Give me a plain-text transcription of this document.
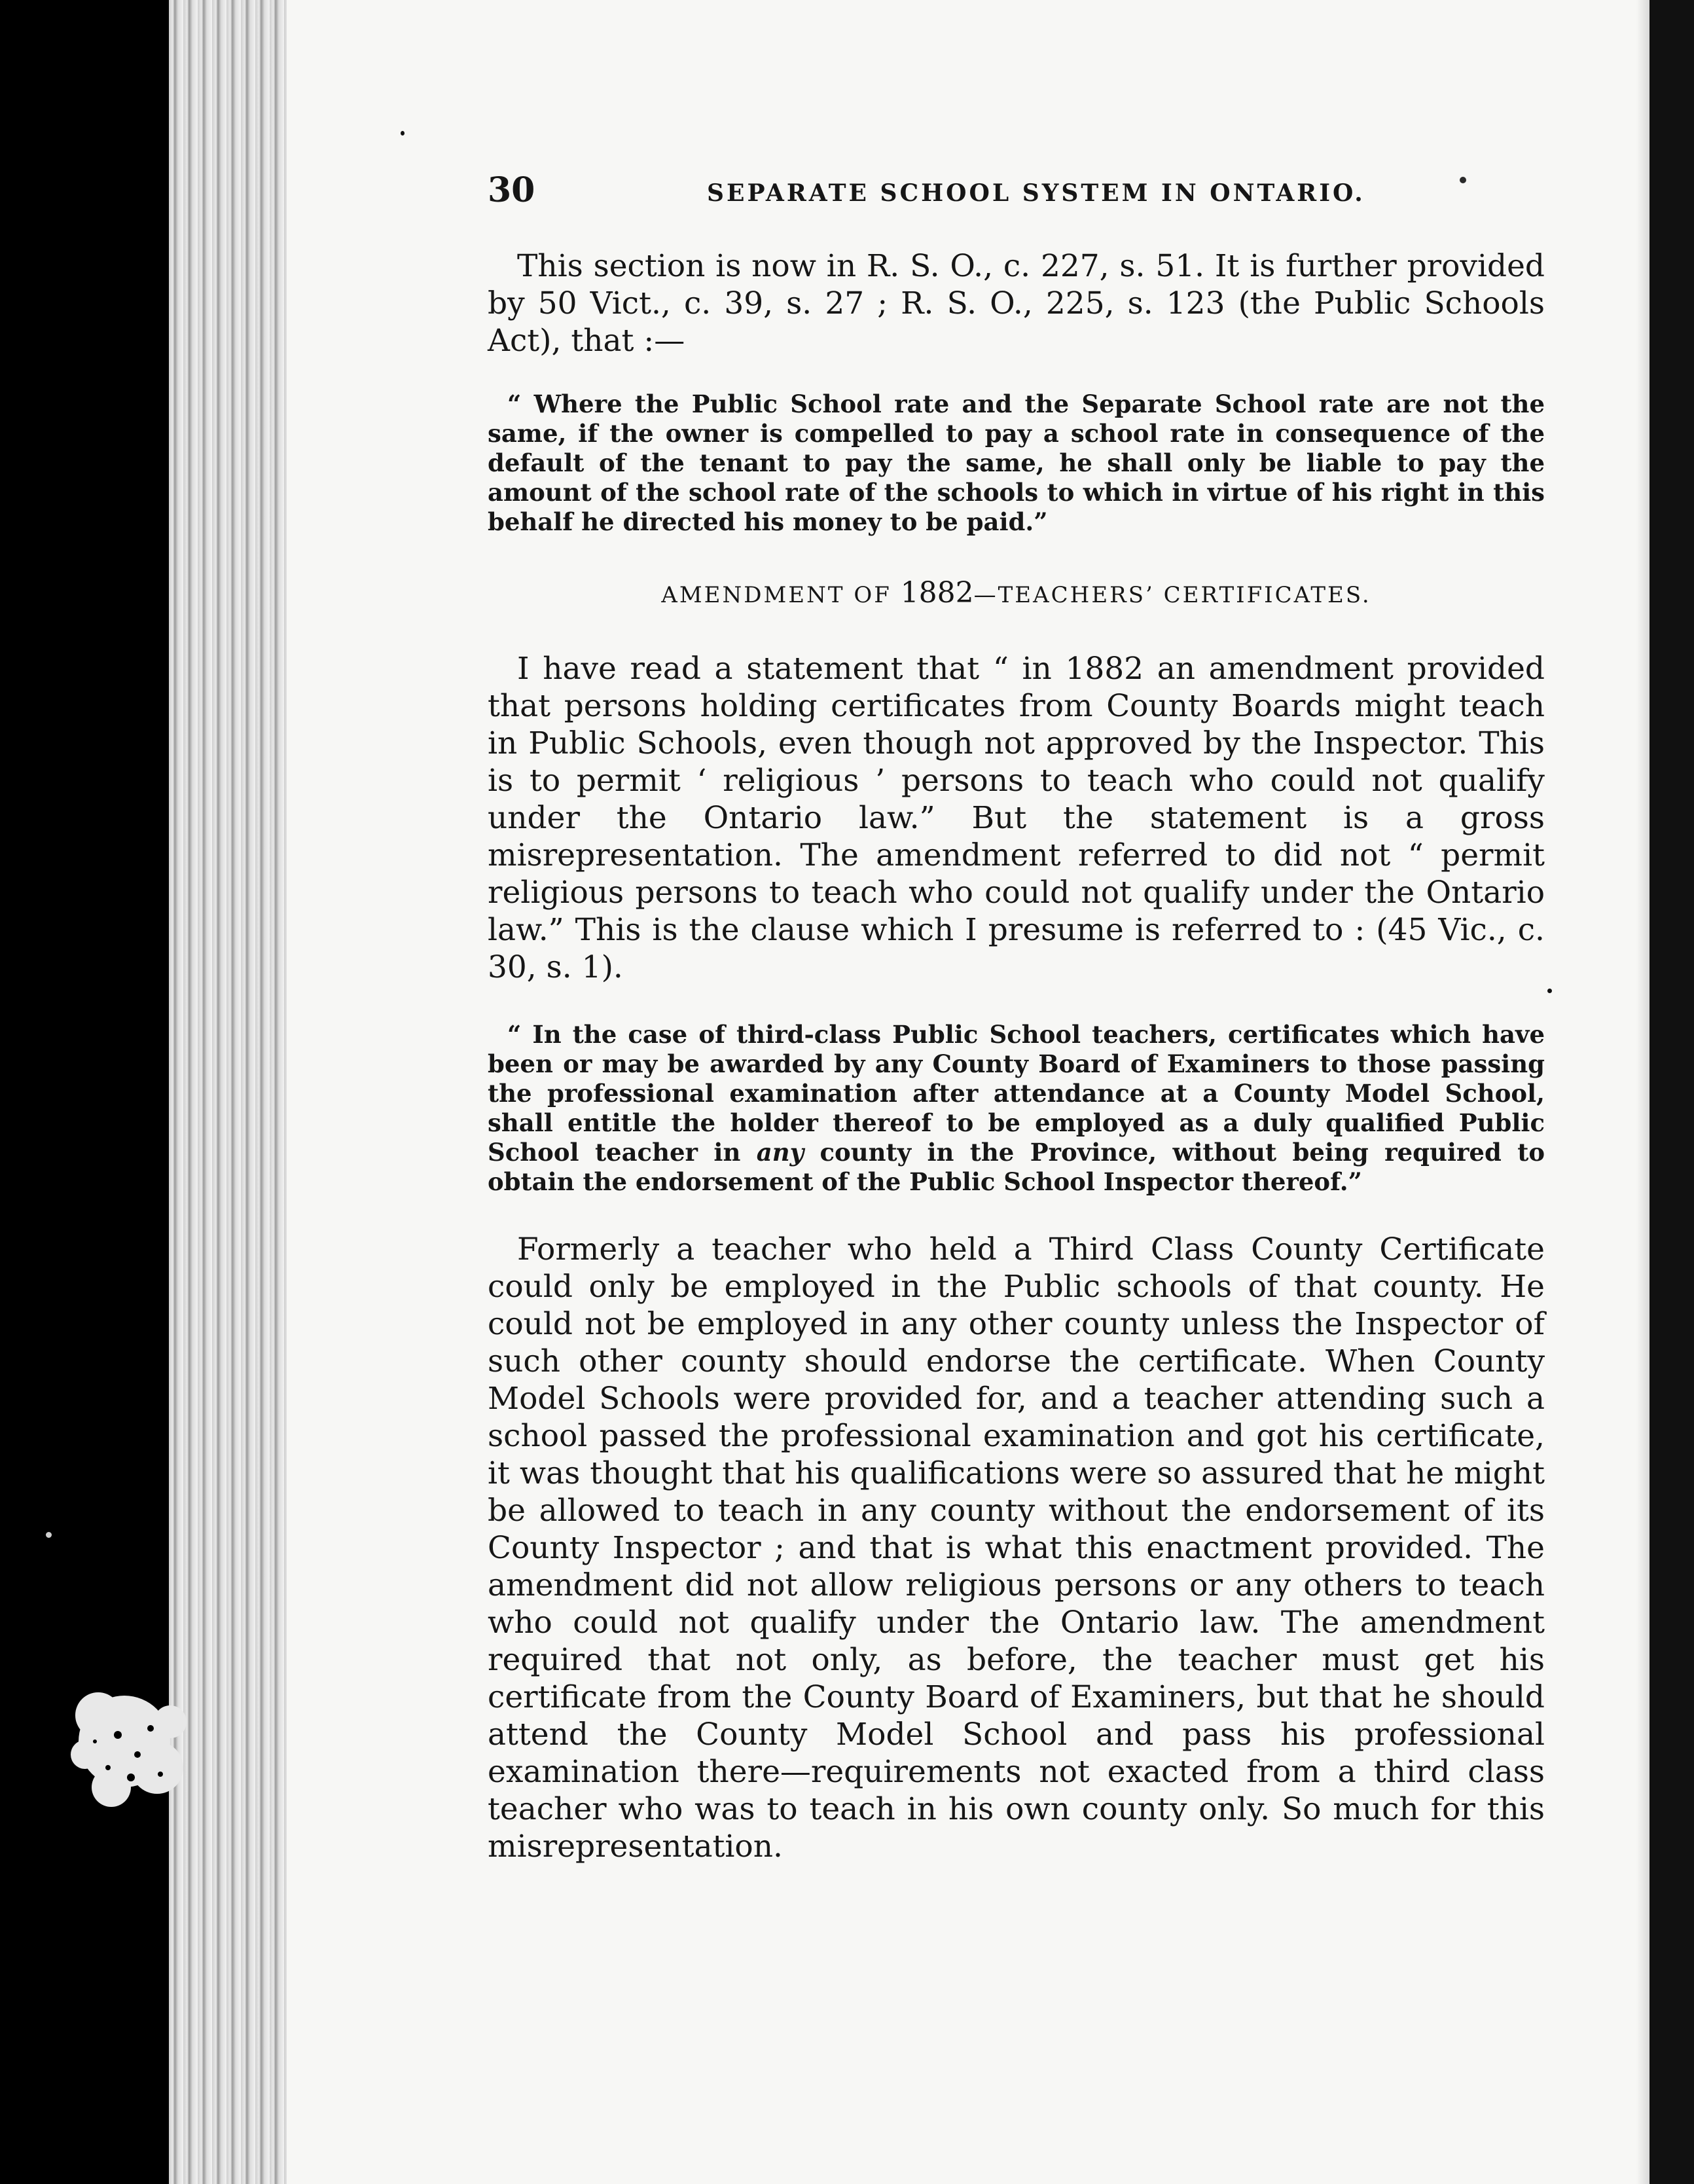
30	SEPARATE SCHOOL SYSTEM IN ONTARIO.

This section is now in R. S. O., c. 227, s. 51. It is further provided by 50 Vict., c. 39, s. 27 ; R. S. O., 225, s. 123 (the Public Schools Act), that :—

“ Where the Public School rate and the Separate School rate are not the same, if the owner is compelled to pay a school rate in consequence of the default of the tenant to pay the same, he shall only be liable to pay the amount of the school rate of the schools to which in virtue of his right in this behalf he directed his money to be paid.”

AMENDMENT OF 1882—TEACHERS’ CERTIFICATES.

I have read a statement that “ in 1882 an amendment provided that persons holding certificates from County Boards might teach in Public Schools, even though not approved by the Inspector. This is to permit ‘ religious ’ persons to teach who could not qualify under the Ontario law.” But the statement is a gross misrepresentation. The amendment referred to did not “ permit religious persons to teach who could not qualify under the Ontario law.” This is the clause which I presume is referred to : (45 Vic., c. 30, s. 1).

“ In the case of third-class Public School teachers, certificates which have been or may be awarded by any County Board of Examiners to those passing the professional examination after attendance at a County Model School, shall entitle the holder thereof to be employed as a duly qualified Public School teacher in any county in the Province, without being required to obtain the endorsement of the Public School Inspector thereof.”

Formerly a teacher who held a Third Class County Certificate could only be employed in the Public schools of that county. He could not be employed in any other county unless the Inspector of such other county should endorse the certificate. When County Model Schools were provided for, and a teacher attending such a school passed the professional examination and got his certificate, it was thought that his qualifications were so assured that he might be allowed to teach in any county without the endorsement of its County Inspector ; and that is what this enactment provided. The amendment did not allow religious persons or any others to teach who could not qualify under the Ontario law. The amendment required that not only, as before, the teacher must get his certificate from the County Board of Examiners, but that he should attend the County Model School and pass his professional examination there—requirements not exacted from a third class teacher who was to teach in his own county only. So much for this misrepresentation.
